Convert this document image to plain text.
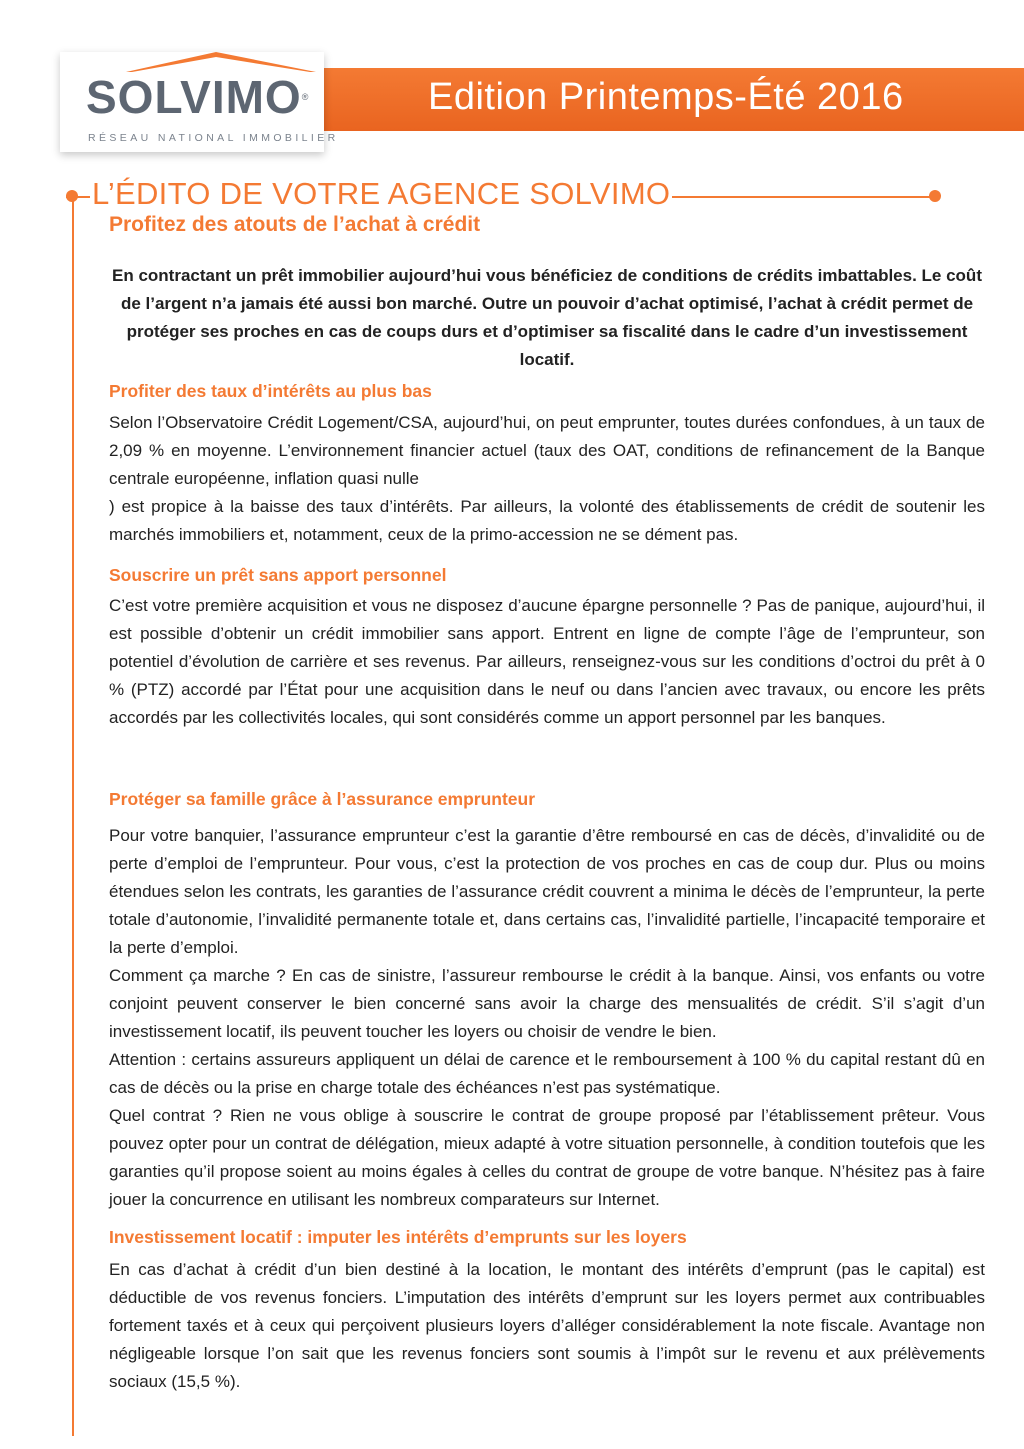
Edition Printemps-Été 2016
SOLVIMO®
RÉSEAU NATIONAL IMMOBILIER
L’ÉDITO DE VOTRE AGENCE SOLVIMO
Profitez des atouts de l’achat à crédit
En contractant un prêt immobilier aujourd’hui vous bénéficiez de conditions de crédits imbattables. Le coût de l’argent n’a jamais été aussi bon marché. Outre un pouvoir d’achat optimisé, l’achat à crédit permet de protéger ses proches en cas de coups durs et d’optimiser sa fiscalité dans le cadre d’un investissement locatif.
Profiter des taux d’intérêts au plus bas

Selon l’Observatoire Crédit Logement/CSA, aujourd’hui, on peut emprunter, toutes durées confondues, à un taux de 2,09 % en moyenne. L’environnement financier actuel (taux des OAT, conditions de refinancement de la Banque centrale européenne, inflation quasi nulle

) est propice à la baisse des taux d’intérêts. Par ailleurs, la volonté des établissements de crédit de soutenir les marchés immobiliers et, notamment, ceux de la primo-accession ne se dément pas.

Souscrire un prêt sans apport personnel

C’est votre première acquisition et vous ne disposez d’aucune épargne personnelle ? Pas de panique, aujourd’hui, il est possible d’obtenir un crédit immobilier sans apport. Entrent en ligne de compte l’âge de l’emprunteur, son potentiel d’évolution de carrière et ses revenus. Par ailleurs, renseignez-vous sur les conditions d’octroi du prêt à 0 % (PTZ) accordé par l’État pour une acquisition dans le neuf ou dans l’ancien avec travaux, ou encore les prêts accordés par les collectivités locales, qui sont considérés comme un apport personnel par les banques.

Protéger sa famille grâce à l’assurance emprunteur

Pour votre banquier, l’assurance emprunteur c’est la garantie d’être remboursé en cas de décès, d’invalidité ou de perte d’emploi de l’emprunteur. Pour vous, c’est la protection de vos proches en cas de coup dur. Plus ou moins étendues selon les contrats, les garanties de l’assurance crédit couvrent a minima le décès de l’emprunteur, la perte totale d’autonomie, l’invalidité permanente totale et, dans certains cas, l’invalidité partielle, l’incapacité temporaire et la perte d’emploi.

Comment ça marche ? En cas de sinistre, l’assureur rembourse le crédit à la banque. Ainsi, vos enfants ou votre conjoint peuvent conserver le bien concerné sans avoir la charge des mensualités de crédit. S’il s’agit d’un investissement locatif, ils peuvent toucher les loyers ou choisir de vendre le bien.

Attention : certains assureurs appliquent un délai de carence et le remboursement à 100 % du capital restant dû en cas de décès ou la prise en charge totale des échéances n’est pas systématique.

Quel contrat ? Rien ne vous oblige à souscrire le contrat de groupe proposé par l’établissement prêteur. Vous pouvez opter pour un contrat de délégation, mieux adapté à votre situation personnelle, à condition toutefois que les garanties qu’il propose soient au moins égales à celles du contrat de groupe de votre banque. N’hésitez pas à faire jouer la concurrence en utilisant les nombreux comparateurs sur Internet.

Investissement locatif : imputer les intérêts d’emprunts sur les loyers

En cas d’achat à crédit d’un bien destiné à la location, le montant des intérêts d’emprunt (pas le capital) est déductible de vos revenus fonciers. L’imputation des intérêts d’emprunt sur les loyers permet aux contribuables fortement taxés et à ceux qui perçoivent plusieurs loyers d’alléger considérablement la note fiscale. Avantage non négligeable lorsque l’on sait que les revenus fonciers sont soumis à l’impôt sur le revenu et aux prélèvements sociaux (15,5 %).
